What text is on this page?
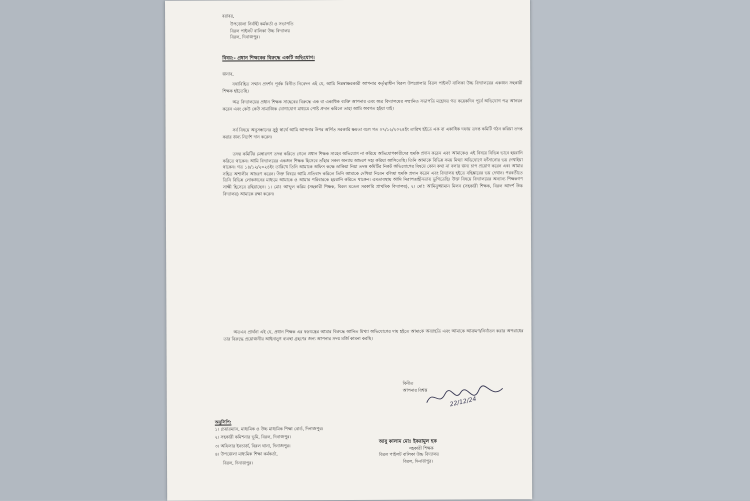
বরাবর,
উপজেলা নির্বাহী কর্মকর্তা ও সভাপতি
বিরল পাইলট বালিকা উচ্চ বিদ্যালয়
বিরল, দিনাজপুর।
বিষয়:- প্রধান শিক্ষকের বিরুদ্ধে একটি অভিযোগ।
জনাব,

যথাবিহিত সম্মান প্রদর্শন পূর্বক বিনীত নিবেদন এই যে, আমি নিম্নস্বাক্ষরকারী আপনার কর্তৃত্বাধীন বিরল উপজেলার বিরল পাইলট বালিকা উচ্চ বিদ্যালয়ের একজন সহকারী শিক্ষক হইতেছি।

অত্র বিদ্যালয়ের প্রধান শিক্ষক সাহেবের বিরুদ্ধে এক বা একাধিক ব্যক্তি আপনার এবং অত্র বিদ্যালয়ের সম্মানিত সভাপতি মহোদয় গত কয়েকদিন পূর্বে অভিযোগ পত্র আনয়ন করেন এবং কেউ কেউ সামাজিক যোগাযোগ মাধ্যমে পোষ্ট প্রদান করিলে তাহা আমি অবগত হইয়া যাই।

সর্ব বিষয়ে অনুসন্ধানের সুষ্ঠু স্বার্থে আমি আপনার উপর অর্পিত সরকারি ক্ষমতা বলে গত ০৭/১২/২০২৪ইং তারিখ হইতে এক বা একাধিক দফায় তদন্ত কমিটি গঠন করিয়া তদন্ত করার জন্য নির্দেশ দান করেন।

তদন্ত কমিটির মেম্বারগণ তদন্ত করিতে গেলে প্রধান শিক্ষক সাহেব অভিযোগ না করিয়ে অভিযোগকারীদের হুমকি প্রদান করেন এবং আমাকেও এই বিষয়ে বিভিন্ন ভাবে হয়রানি করিতে থাকেন। আমি বিদ্যালয়ের একজন শিক্ষক হিসেবে তাঁহার সকল অন্যায় আচরণ সহ্য করিয়া আসিতেছি। তিনি আমাকে বিভিন্ন সময় মিথ্যা অভিযোগে ফাঁসানোর ভয় দেখাইয়া থাকেন। গত ১৪/১২/২০২৪ইং তারিখে তিনি আমাকে অফিস কক্ষে ডাকিয়া নিয়া তদন্ত কমিটির নিকট অভিযোগের বিষয়ে কোন কথা না বলার জন্য চাপ প্রয়োগ করেন এবং আমার সহিত অশালীন আচরণ করেন। উক্ত বিষয়ে আমি প্রতিবাদ করিলে তিনি আমাকে দেখিয়া নিবেন বলিয়া হুমকি প্রদান করেন এবং বিদ্যালয় হইতে বহিষ্কারের ভয় দেখান। পরবর্তীতে তিনি বিভিন্ন লোকজনের মাধ্যমে আমাকে ও আমার পরিবারকে হয়রানি করিতে থাকেন। এমতাবস্থায় আমি নিরাপত্তাহীনতায় ভুগিতেছি। উক্ত বিষয়ে বিদ্যালয়ের অন্যান্য শিক্ষকগণ সাক্ষী হিসেবে রহিয়াছেন। ১। মোঃ আব্দুল করিম (সহকারী শিক্ষক, বিরল মডেল সরকারি প্রাথমিক বিদ্যালয়), ২। মোঃ আমিনুজ্জামান মিলন (সহকারী শিক্ষক, বিরল আদর্শ উচ্চ বিদ্যালয়) আমাকে রক্ষা করেন।

অতএব প্রার্থনা এই যে, প্রধান শিক্ষক এর ষড়যন্ত্রের আমার বিরুদ্ধে আনিত মিথ্যা অভিযোগের দায় হইতে আমাকে অব্যাহতি এবং আমাকে আক্রমণ/নির্যাতন করার অপরাধের তার বিরুদ্ধে প্রয়োজনীয় আইনানুগ ব্যবস্থা গ্রহণের জন্য আপনার সদয় মর্জি কামনা করছি।

বিনীত
আপনার বিশ্বস্ত
22/12/24
অনুলিপি:
১। চেয়ারম্যান, মাধ্যমিক ও উচ্চ মাধ্যমিক শিক্ষা বোর্ড, দিনাজপুর।
২। সহকারী কমিশনার ভূমি, বিরল, দিনাজপুর।
৩। অফিসার ইনচার্জ, বিরল থানা, দিনাজপুর।
৪। উপজেলা মাধ্যমিক শিক্ষা কর্মকর্তা,
বিরল, দিনাজপুর।
আবু কালাম মোঃ ইকরামুল হক
সহকারী শিক্ষক
বিরল পাইলট বালিকা উচ্চ বিদ্যালয়
বিরল, দিনাজপুর।
